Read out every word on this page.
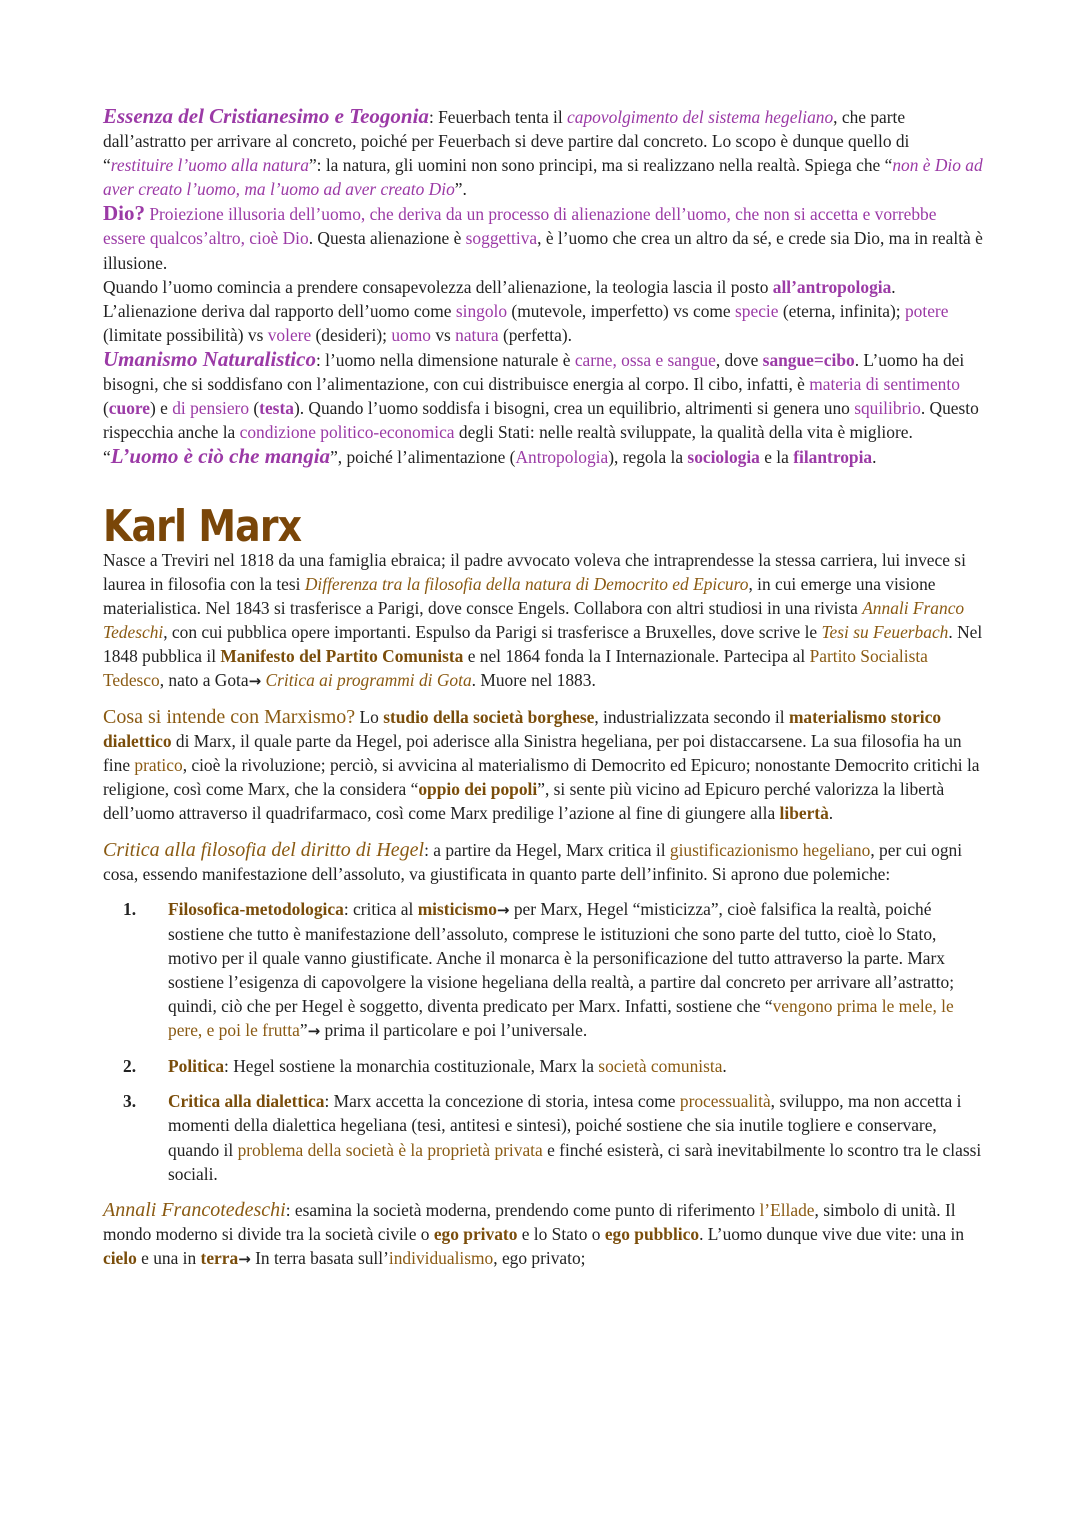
Essenza del Cristianesimo e Teogonia: Feuerbach tenta il capovolgimento del sistema hegeliano, che parte dall’astratto per arrivare al concreto, poiché per Feuerbach si deve partire dal concreto. Lo scopo è dunque quello di “restituire l’uomo alla natura”: la natura, gli uomini non sono principi, ma si realizzano nella realtà. Spiega che “non è Dio ad aver creato l’uomo, ma l’uomo ad aver creato Dio”.

Dio? Proiezione illusoria dell’uomo, che deriva da un processo di alienazione dell’uomo, che non si accetta e vorrebbe essere qualcos’altro, cioè Dio. Questa alienazione è soggettiva, è l’uomo che crea un altro da sé, e crede sia Dio, ma in realtà è illusione.

Quando l’uomo comincia a prendere consapevolezza dell’alienazione, la teologia lascia il posto all’antropologia. L’alienazione deriva dal rapporto dell’uomo come singolo (mutevole, imperfetto) vs come specie (eterna, infinita); potere (limitate possibilità) vs volere (desideri); uomo vs natura (perfetta).

Umanismo Naturalistico: l’uomo nella dimensione naturale è carne, ossa e sangue, dove sangue=cibo. L’uomo ha dei bisogni, che si soddisfano con l’alimentazione, con cui distribuisce energia al corpo. Il cibo, infatti, è materia di sentimento (cuore) e di pensiero (testa). Quando l’uomo soddisfa i bisogni, crea un equilibrio, altrimenti si genera uno squilibrio. Questo rispecchia anche la condizione politico-economica degli Stati: nelle realtà sviluppate, la qualità della vita è migliore. “L’uomo è ciò che mangia”, poiché l’alimentazione (Antropologia), regola la sociologia e la filantropia.

Karl Marx

Nasce a Treviri nel 1818 da una famiglia ebraica; il padre avvocato voleva che intraprendesse la stessa carriera, lui invece si laurea in filosofia con la tesi Differenza tra la filosofia della natura di Democrito ed Epicuro, in cui emerge una visione materialistica. Nel 1843 si trasferisce a Parigi, dove consce Engels. Collabora con altri studiosi in una rivista Annali Franco Tedeschi, con cui pubblica opere importanti. Espulso da Parigi si trasferisce a Bruxelles, dove scrive le Tesi su Feuerbach. Nel 1848 pubblica il Manifesto del Partito Comunista e nel 1864 fonda la I Internazionale. Partecipa al Partito Socialista Tedesco, nato a Gota→ Critica ai programmi di Gota. Muore nel 1883.

Cosa si intende con Marxismo? Lo studio della società borghese, industrializzata secondo il materialismo storico dialettico di Marx, il quale parte da Hegel, poi aderisce alla Sinistra hegeliana, per poi distaccarsene. La sua filosofia ha un fine pratico, cioè la rivoluzione; perciò, si avvicina al materialismo di Democrito ed Epicuro; nonostante Democrito critichi la religione, così come Marx, che la considera “oppio dei popoli”, si sente più vicino ad Epicuro perché valorizza la libertà dell’uomo attraverso il quadrifarmaco, così come Marx predilige l’azione al fine di giungere alla libertà.

Critica alla filosofia del diritto di Hegel: a partire da Hegel, Marx critica il giustificazionismo hegeliano, per cui ogni cosa, essendo manifestazione dell’assoluto, va giustificata in quanto parte dell’infinito. Si aprono due polemiche:

1. Filosofica-metodologica: critica al misticismo→ per Marx, Hegel “misticizza”, cioè falsifica la realtà, poiché sostiene che tutto è manifestazione dell’assoluto, comprese le istituzioni che sono parte del tutto, cioè lo Stato, motivo per il quale vanno giustificate. Anche il monarca è la personificazione del tutto attraverso la parte. Marx sostiene l’esigenza di capovolgere la visione hegeliana della realtà, a partire dal concreto per arrivare all’astratto; quindi, ciò che per Hegel è soggetto, diventa predicato per Marx. Infatti, sostiene che “vengono prima le mele, le pere, e poi le frutta”→ prima il particolare e poi l’universale.
2. Politica: Hegel sostiene la monarchia costituzionale, Marx la società comunista.
3. Critica alla dialettica: Marx accetta la concezione di storia, intesa come processualità, sviluppo, ma non accetta i momenti della dialettica hegeliana (tesi, antitesi e sintesi), poiché sostiene che sia inutile togliere e conservare, quando il problema della società è la proprietà privata e finché esisterà, ci sarà inevitabilmente lo scontro tra le classi sociali.

Annali Francotedeschi: esamina la società moderna, prendendo come punto di riferimento l’Ellade, simbolo di unità. Il mondo moderno si divide tra la società civile o ego privato e lo Stato o ego pubblico. L’uomo dunque vive due vite: una in cielo e una in terra→ In terra basata sull’individualismo, ego privato;
